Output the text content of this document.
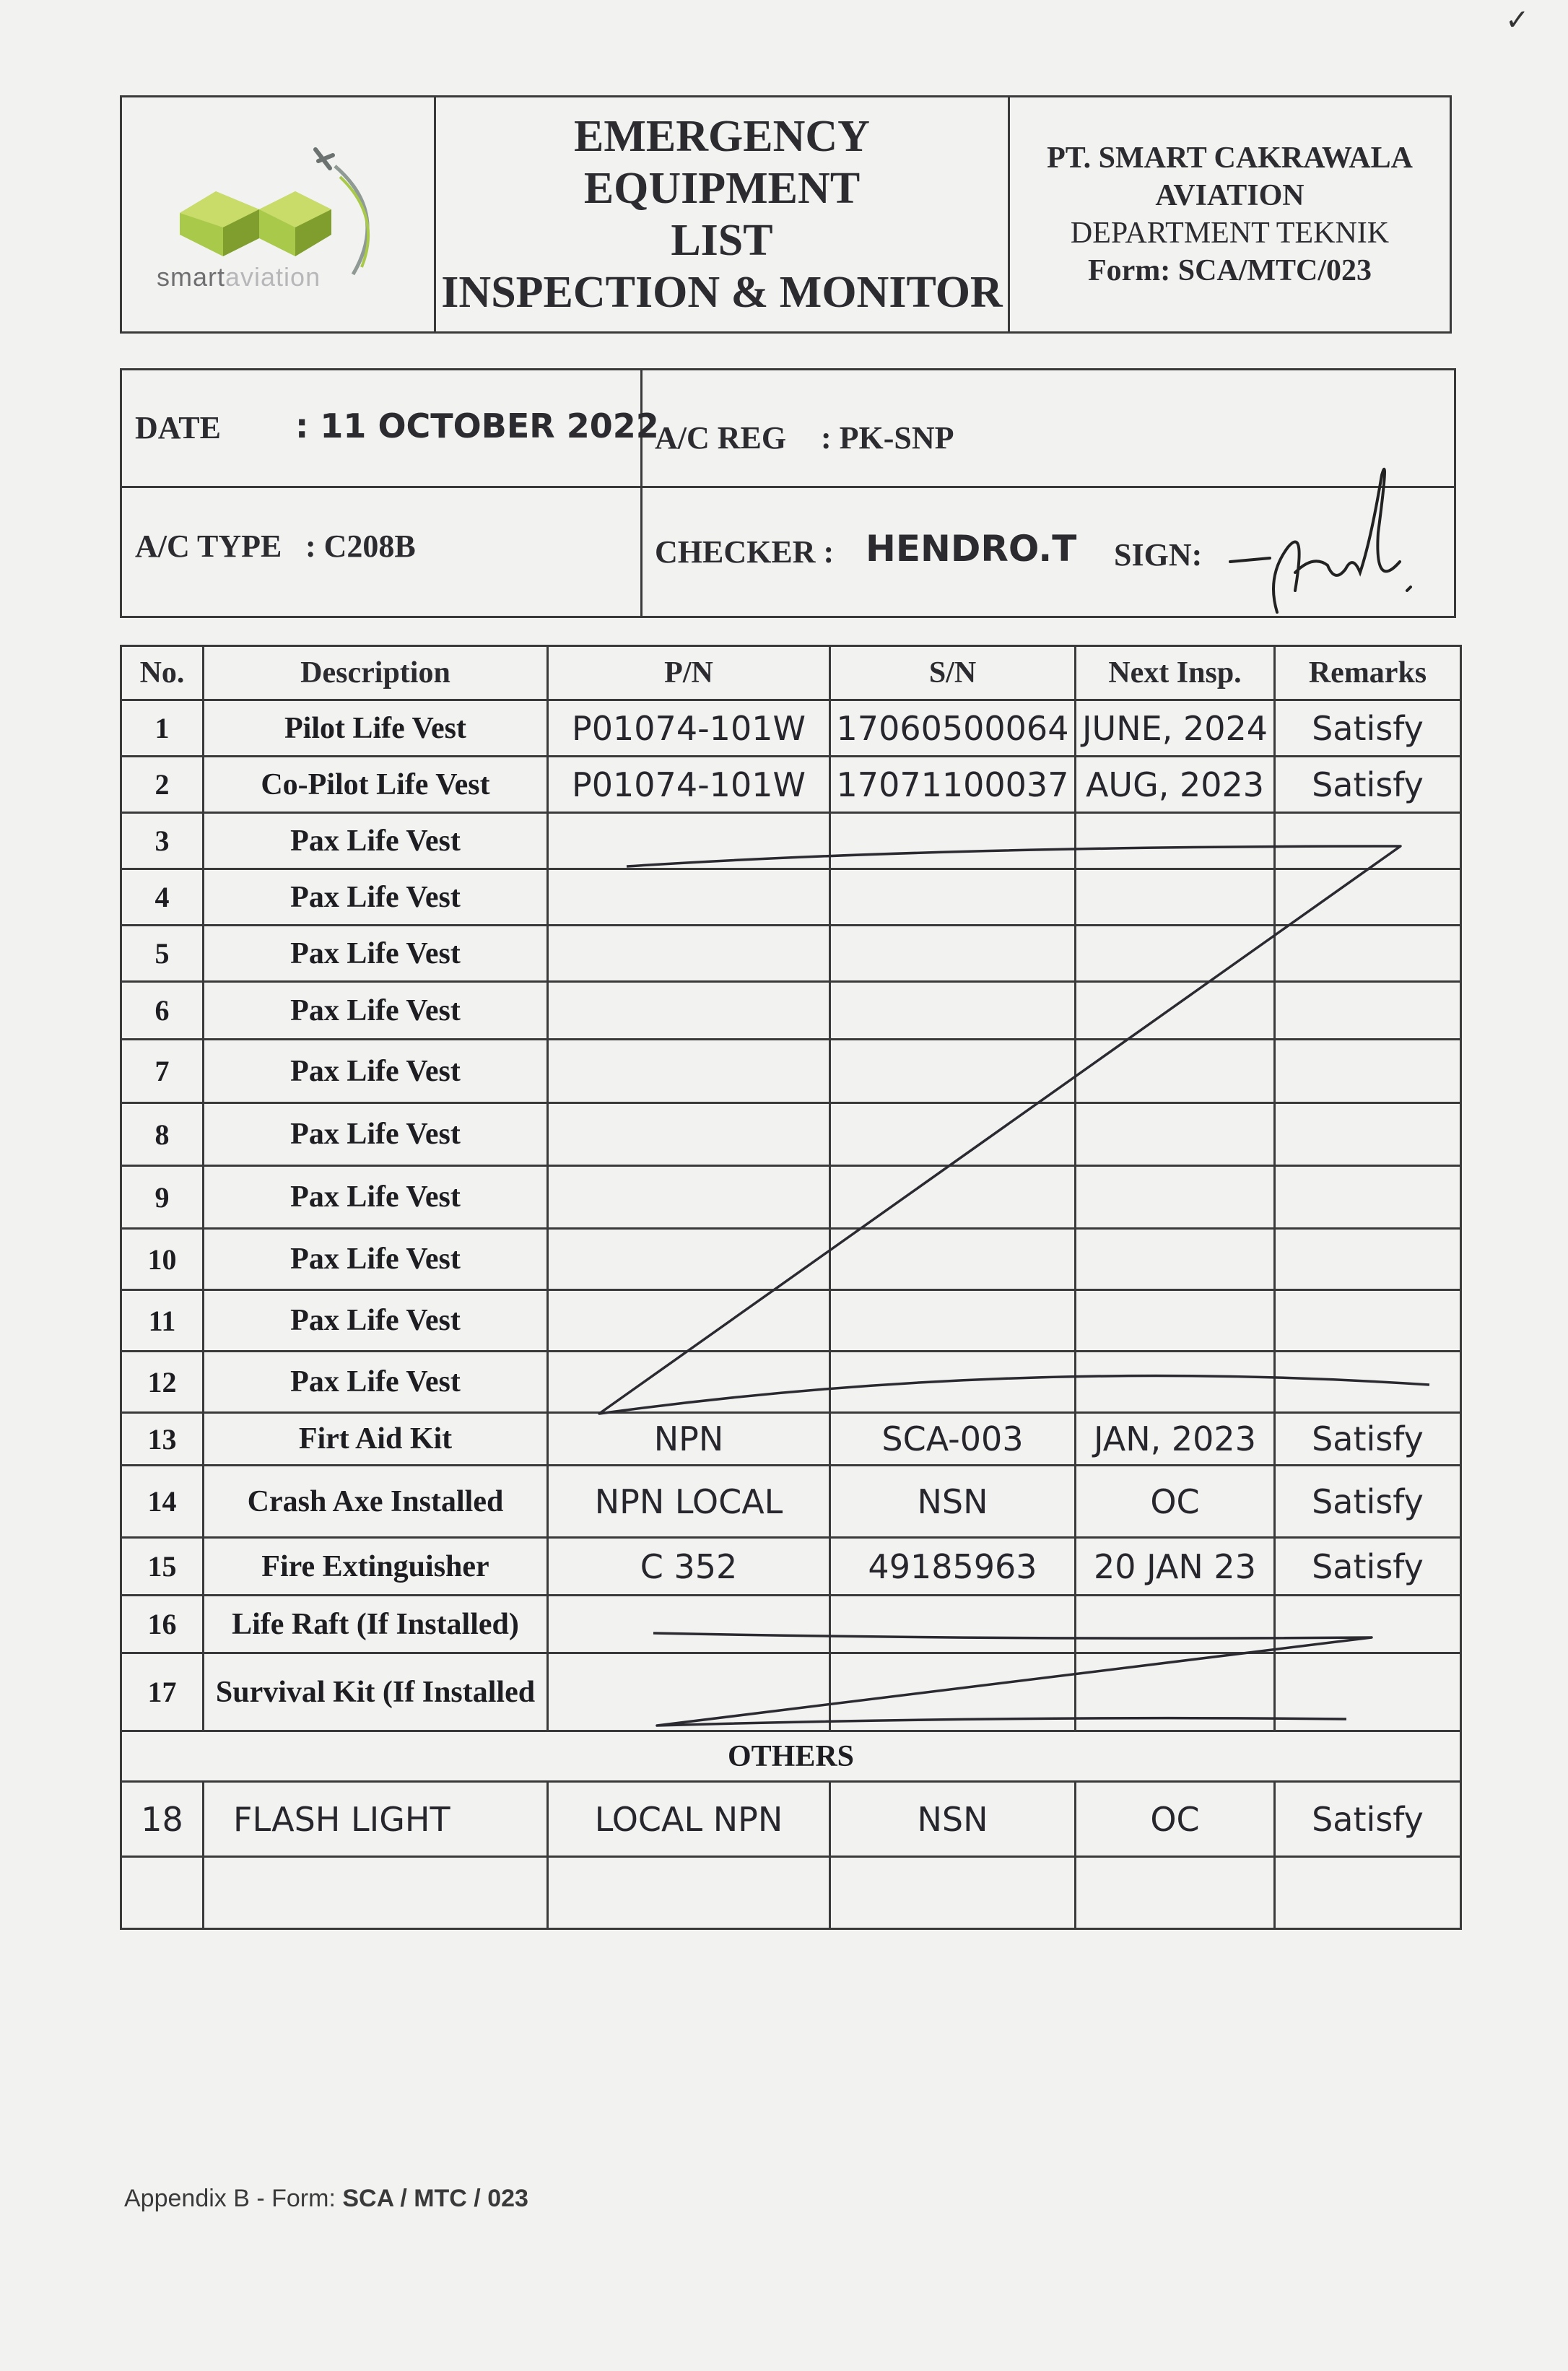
✓
smartaviation
EMERGENCY EQUIPMENT
LIST
INSPECTION & MONITOR
PT. SMART CAKRAWALA
AVIATION
DEPARTMENT TEKNIK
Form: SCA/MTC/023
DATE : 11 OCTOBER 2022
A/C REG : PK-SNP
A/C TYPE : C208B	CHECKER : HENDRO.T SIGN:
No.	Description	P/N	S/N	Next Insp.	Remarks
1	Pilot Life Vest	P01074-101W	17060500064	JUNE, 2024	Satisfy
2	Co-Pilot Life Vest	P01074-101W	17071100037	AUG, 2023	Satisfy
3	Pax Life Vest				
4	Pax Life Vest				
5	Pax Life Vest				
6	Pax Life Vest				
7	Pax Life Vest				
8	Pax Life Vest				
9	Pax Life Vest				
10	Pax Life Vest				
11	Pax Life Vest				
12	Pax Life Vest				
13	Firt Aid Kit	NPN	SCA-003	JAN, 2023	Satisfy
14	Crash Axe Installed	NPN LOCAL	NSN	OC	Satisfy
15	Fire Extinguisher	C 352	49185963	20 JAN 23	Satisfy
16	Life Raft (If Installed)				
17	Survival Kit (If Installed				
OTHERS					
18	FLASH LIGHT	LOCAL NPN	NSN	OC	Satisfy

Appendix B - Form: SCA / MTC / 023
